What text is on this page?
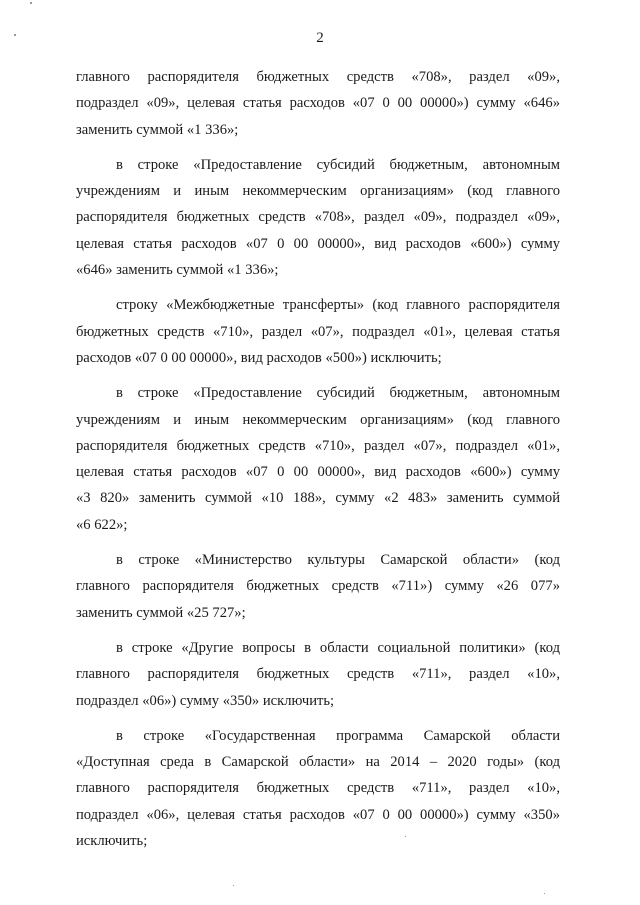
2

главного распорядителя бюджетных средств «708», раздел «09»,
подраздел «09», целевая статья расходов «07 0 00 00000») сумму «646»
заменить суммой «1 336»;

в строке «Предоставление субсидий бюджетным, автономным
учреждениям и иным некоммерческим организациям» (код главного
распорядителя бюджетных средств «708», раздел «09», подраздел «09»,
целевая статья расходов «07 0 00 00000», вид расходов «600») сумму
«646» заменить суммой «1 336»;

строку «Межбюджетные трансферты» (код главного распорядителя
бюджетных средств «710», раздел «07», подраздел «01», целевая статья
расходов «07 0 00 00000», вид расходов «500») исключить;

в строке «Предоставление субсидий бюджетным, автономным
учреждениям и иным некоммерческим организациям» (код главного
распорядителя бюджетных средств «710», раздел «07», подраздел «01»,
целевая статья расходов «07 0 00 00000», вид расходов «600») сумму
«3 820» заменить суммой «10 188», сумму «2 483» заменить суммой
«6 622»;

в строке «Министерство культуры Самарской области» (код
главного распорядителя бюджетных средств «711») сумму «26 077»
заменить суммой «25 727»;

в строке «Другие вопросы в области социальной политики» (код
главного распорядителя бюджетных средств «711», раздел «10»,
подраздел «06») сумму «350» исключить;

в строке «Государственная программа Самарской области
«Доступная среда в Самарской области» на 2014 – 2020 годы» (код
главного распорядителя бюджетных средств «711», раздел «10»,
подраздел «06», целевая статья расходов «07 0 00 00000») сумму «350»
исключить;
